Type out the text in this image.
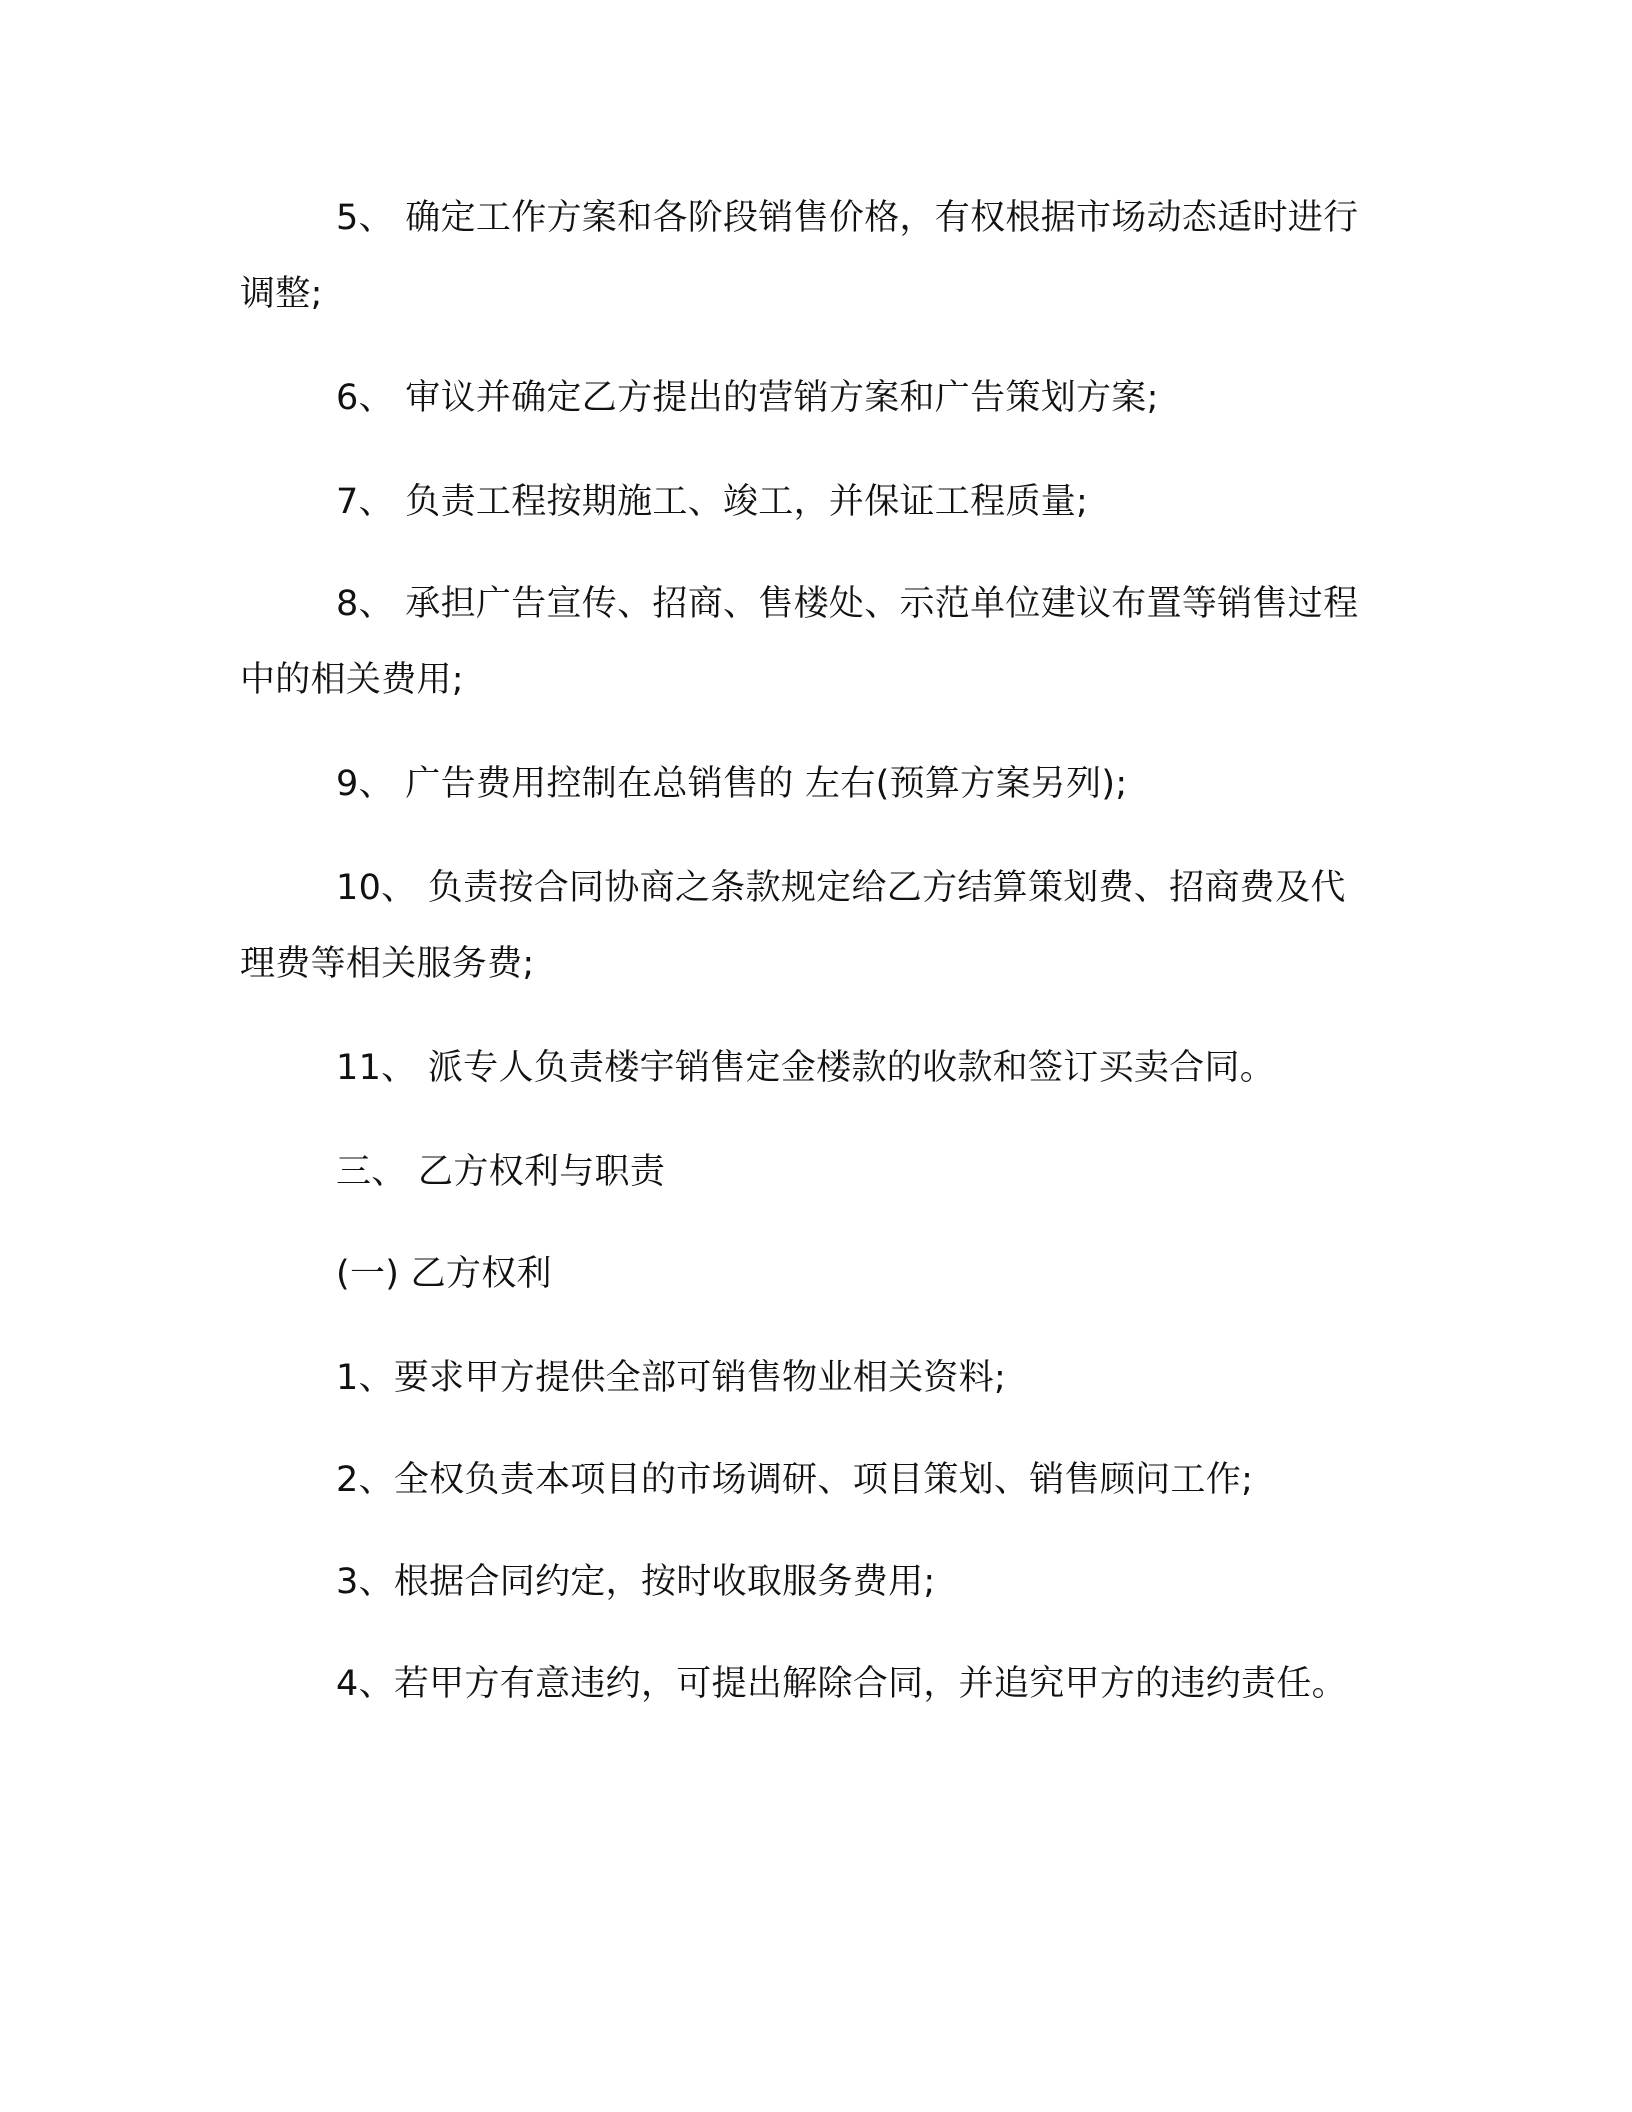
5、 确定工作方案和各阶段销售价格，有权根据市场动态适时进行调整;

6、 审议并确定乙方提出的营销方案和广告策划方案;

7、 负责工程按期施工、竣工，并保证工程质量;

8、 承担广告宣传、招商、售楼处、示范单位建议布置等销售过程中的相关费用;

9、 广告费用控制在总销售的 左右(预算方案另列);

10、 负责按合同协商之条款规定给乙方结算策划费、招商费及代理费等相关服务费;

11、 派专人负责楼宇销售定金楼款的收款和签订买卖合同。

三、 乙方权利与职责

(一) 乙方权利

1、要求甲方提供全部可销售物业相关资料;

2、全权负责本项目的市场调研、项目策划、销售顾问工作;

3、根据合同约定，按时收取服务费用;

4、若甲方有意违约，可提出解除合同，并追究甲方的违约责任。
